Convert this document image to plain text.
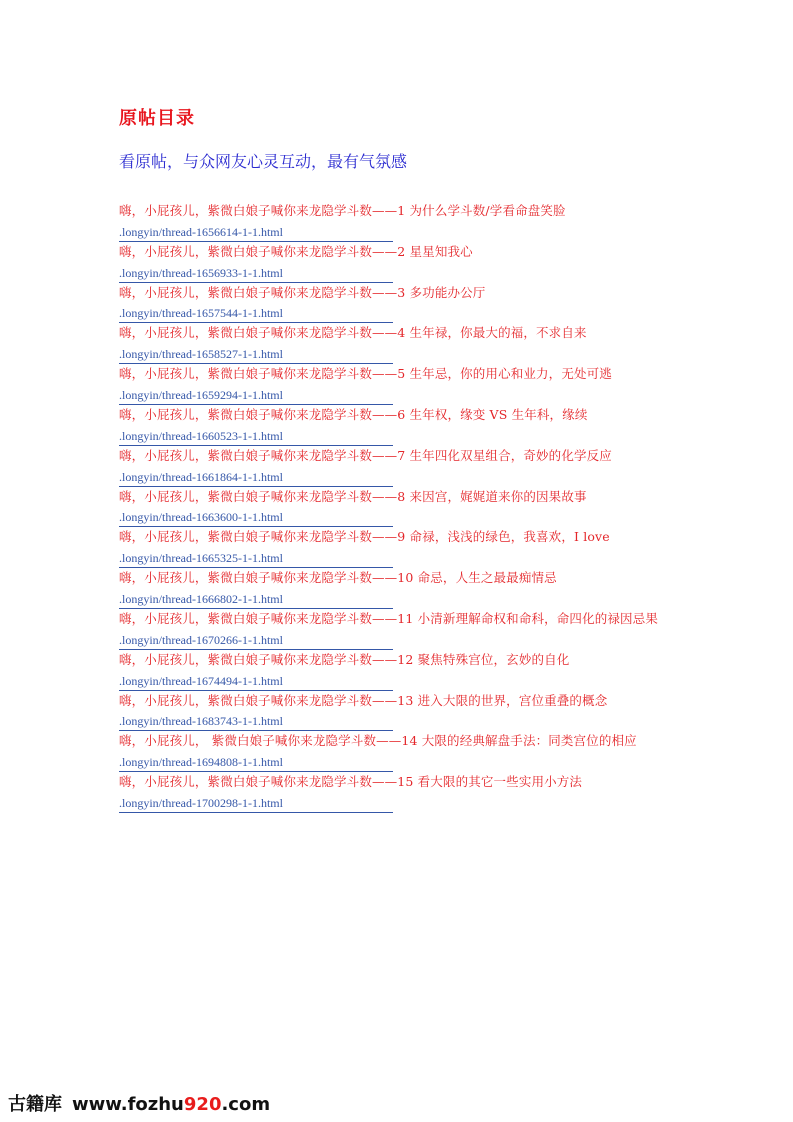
原帖目录

看原帖，与众网友心灵互动，最有气氛感

嗨，小屁孩儿，紫微白娘子喊你来龙隐学斗数——1 为什么学斗数/学看命盘笑脸
.longyin/thread-1656614-1-1.html
嗨，小屁孩儿，紫微白娘子喊你来龙隐学斗数——2 星星知我心
.longyin/thread-1656933-1-1.html
嗨，小屁孩儿，紫微白娘子喊你来龙隐学斗数——3 多功能办公厅
.longyin/thread-1657544-1-1.html
嗨，小屁孩儿，紫微白娘子喊你来龙隐学斗数——4 生年禄，你最大的福，不求自来
.longyin/thread-1658527-1-1.html
嗨，小屁孩儿，紫微白娘子喊你来龙隐学斗数——5 生年忌，你的用心和业力，无处可逃
.longyin/thread-1659294-1-1.html
嗨，小屁孩儿，紫微白娘子喊你来龙隐学斗数——6 生年权，缘变 VS 生年科，缘续
.longyin/thread-1660523-1-1.html
嗨，小屁孩儿，紫微白娘子喊你来龙隐学斗数——7 生年四化双星组合，奇妙的化学反应
.longyin/thread-1661864-1-1.html
嗨，小屁孩儿，紫微白娘子喊你来龙隐学斗数——8 来因宫，娓娓道来你的因果故事
.longyin/thread-1663600-1-1.html
嗨，小屁孩儿，紫微白娘子喊你来龙隐学斗数——9 命禄，浅浅的绿色，我喜欢，I love
.longyin/thread-1665325-1-1.html
嗨，小屁孩儿，紫微白娘子喊你来龙隐学斗数——10 命忌，人生之最最痴情忌
.longyin/thread-1666802-1-1.html
嗨，小屁孩儿，紫微白娘子喊你来龙隐学斗数——11 小清新理解命权和命科，命四化的禄因忌果
.longyin/thread-1670266-1-1.html
嗨，小屁孩儿，紫微白娘子喊你来龙隐学斗数——12 聚焦特殊宫位，玄妙的自化
.longyin/thread-1674494-1-1.html
嗨，小屁孩儿，紫微白娘子喊你来龙隐学斗数——13 进入大限的世界，宫位重叠的概念
.longyin/thread-1683743-1-1.html
嗨，小屁孩儿， 紫微白娘子喊你来龙隐学斗数——14 大限的经典解盘手法：同类宫位的相应
.longyin/thread-1694808-1-1.html
嗨，小屁孩儿，紫微白娘子喊你来龙隐学斗数——15 看大限的其它一些实用小方法
.longyin/thread-1700298-1-1.html
古籍库 www.fozhu920.com
